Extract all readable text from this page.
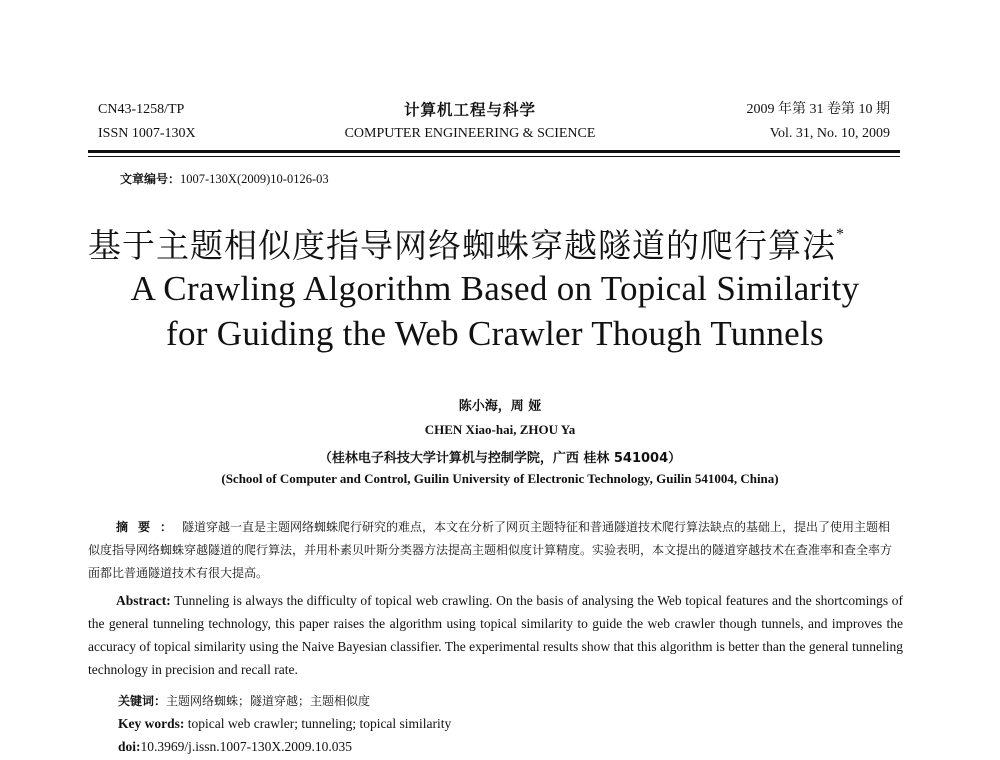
CN43-1258/TP
ISSN 1007-130X
计算机工程与科学
COMPUTER ENGINEERING & SCIENCE
2009 年第 31 卷第 10 期
Vol. 31, No. 10, 2009
文章编号：1007-130X(2009)10-0126-03
基于主题相似度指导网络蜘蛛穿越隧道的爬行算法*
A Crawling Algorithm Based on Topical Similarity
for Guiding the Web Crawler Though Tunnels
陈小海，周 娅
CHEN Xiao-hai, ZHOU Ya
（桂林电子科技大学计算机与控制学院，广西 桂林 541004）
(School of Computer and Control, Guilin University of Electronic Technology, Guilin 541004, China)
摘要：隧道穿越一直是主题网络蜘蛛爬行研究的难点，本文在分析了网页主题特征和普通隧道技术爬行算法缺点的基础上，提出了使用主题相似度指导网络蜘蛛穿越隧道的爬行算法，并用朴素贝叶斯分类器方法提高主题相似度计算精度。实验表明，本文提出的隧道穿越技术在查准率和查全率方面都比普通隧道技术有很大提高。
Abstract: Tunneling is always the difficulty of topical web crawling. On the basis of analysing the Web topical features and the shortcomings of the general tunneling technology, this paper raises the algorithm using topical similarity to guide the web crawler though tunnels, and improves the accuracy of topical similarity using the Naive Bayesian classifier. The experimental results show that this algorithm is better than the general tunneling technology in precision and recall rate.
关键词：主题网络蜘蛛；隧道穿越；主题相似度
Key words: topical web crawler; tunneling; topical similarity
doi:10.3969/j.issn.1007-130X.2009.10.035
